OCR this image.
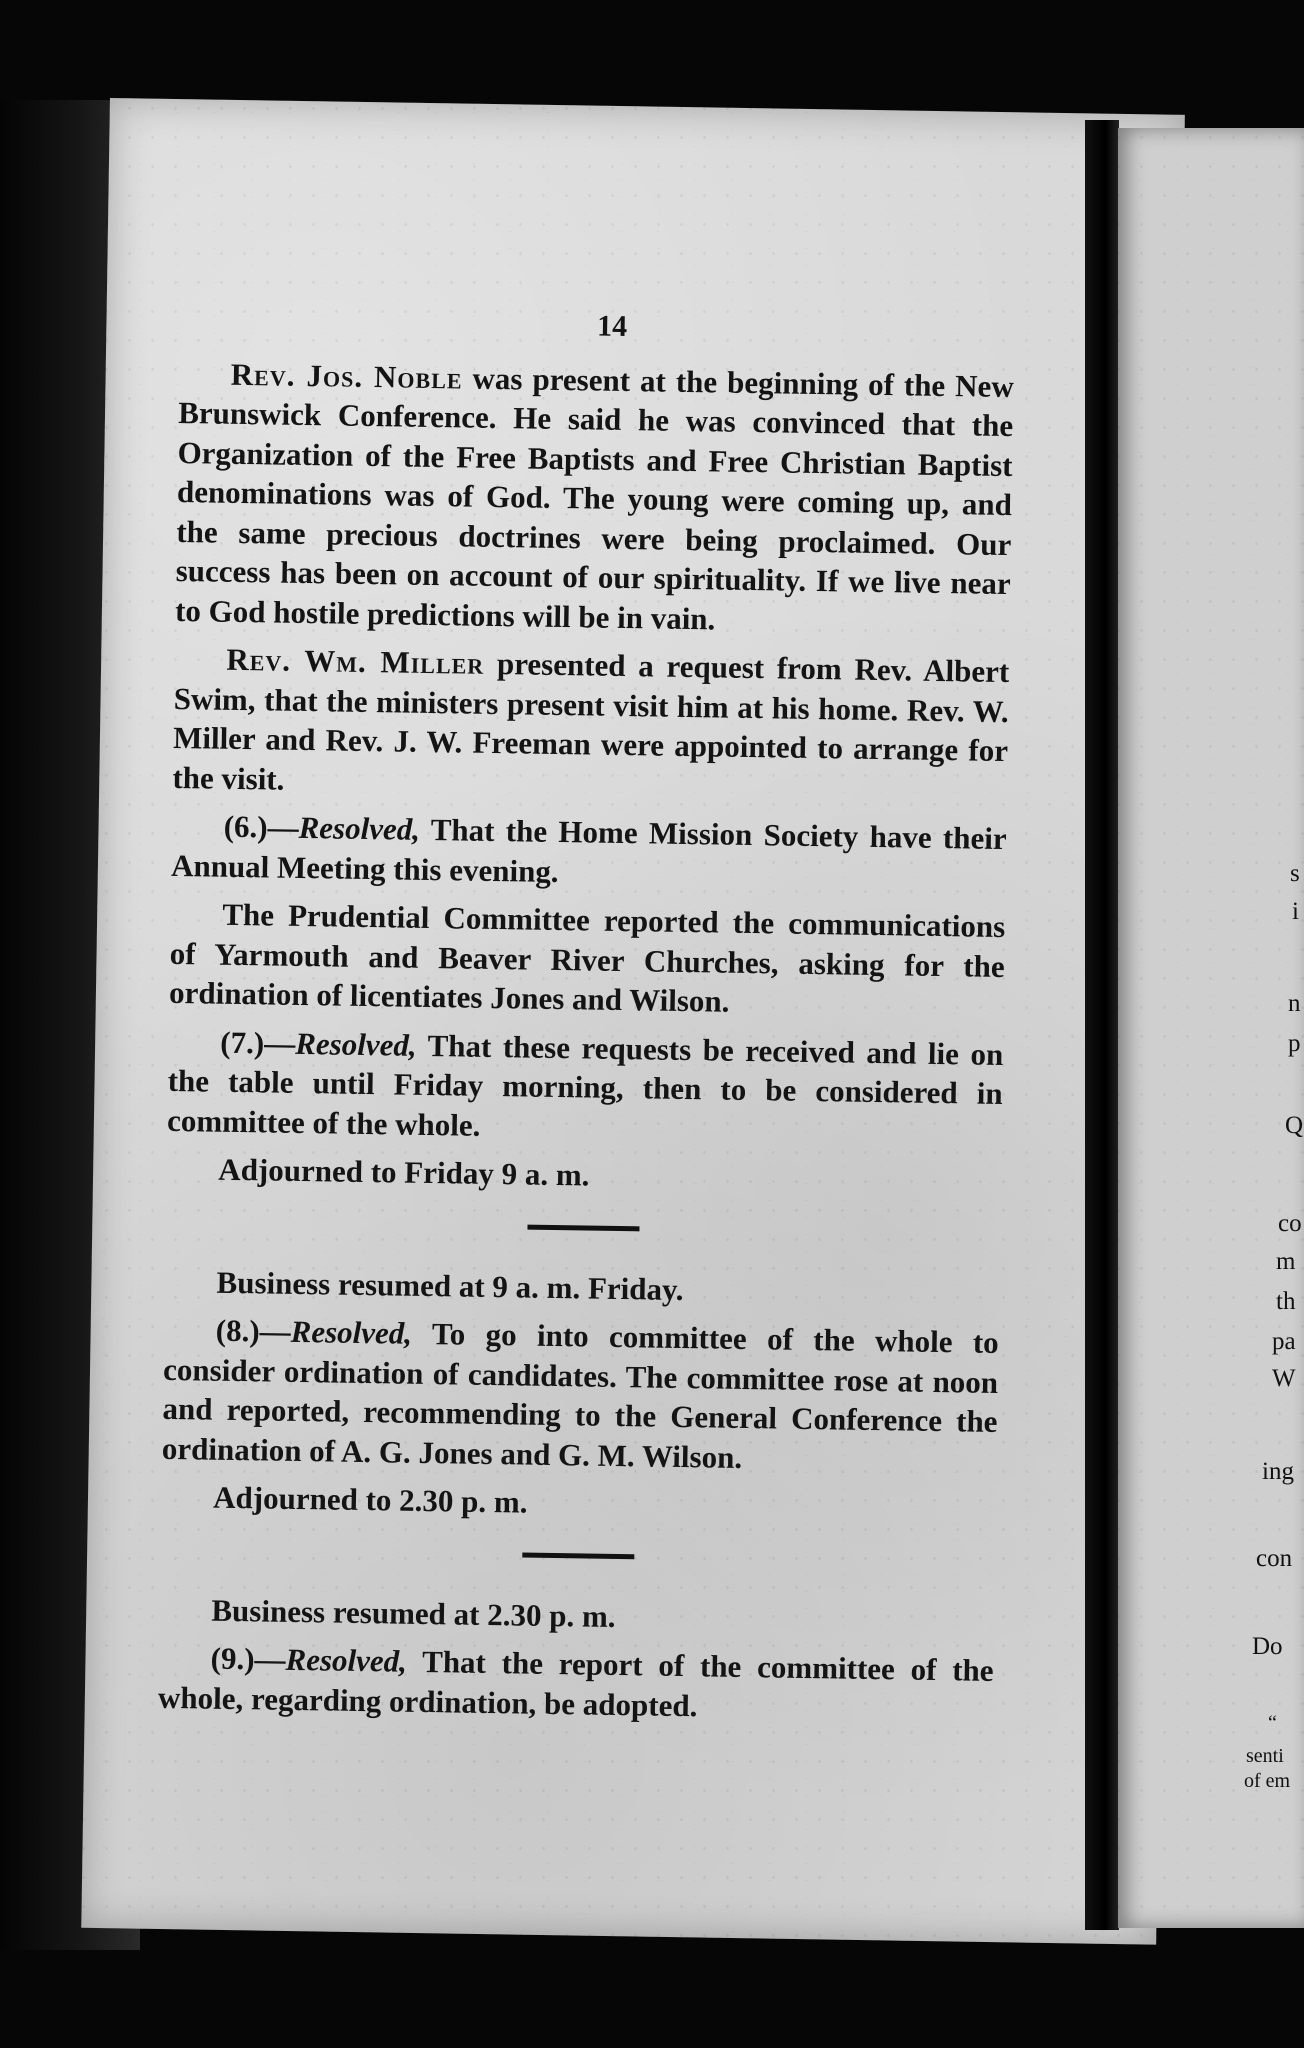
s
i
n
p
Q
co
m
th
pa
W
ing
con
Do
“
senti
of em
14

Rev. Jos. Noble was present at the beginning of the New Brunswick Conference. He said he was convinced that the Organization of the Free Baptists and Free Christian Baptist denominations was of God. The young were coming up, and the same precious doctrines were being proclaimed. Our success has been on account of our spirituality. If we live near to God hostile predictions will be in vain.

Rev. Wm. Miller presented a request from Rev. Albert Swim, that the ministers present visit him at his home. Rev. W. Miller and Rev. J. W. Freeman were appointed to arrange for the visit.

(6.)—Resolved, That the Home Mission Society have their Annual Meeting this evening.

The Prudential Committee reported the communications of Yarmouth and Beaver River Churches, asking for the ordination of licentiates Jones and Wilson.

(7.)—Resolved, That these requests be received and lie on the table until Friday morning, then to be considered in committee of the whole.

Adjourned to Friday 9 a. m.

Business resumed at 9 a. m. Friday.

(8.)—Resolved, To go into committee of the whole to consider ordination of candidates. The committee rose at noon and reported, recommending to the General Conference the ordination of A. G. Jones and G. M. Wilson.

Adjourned to 2.30 p. m.

Business resumed at 2.30 p. m.

(9.)—Resolved, That the report of the committee of the whole, regarding ordination, be adopted.
